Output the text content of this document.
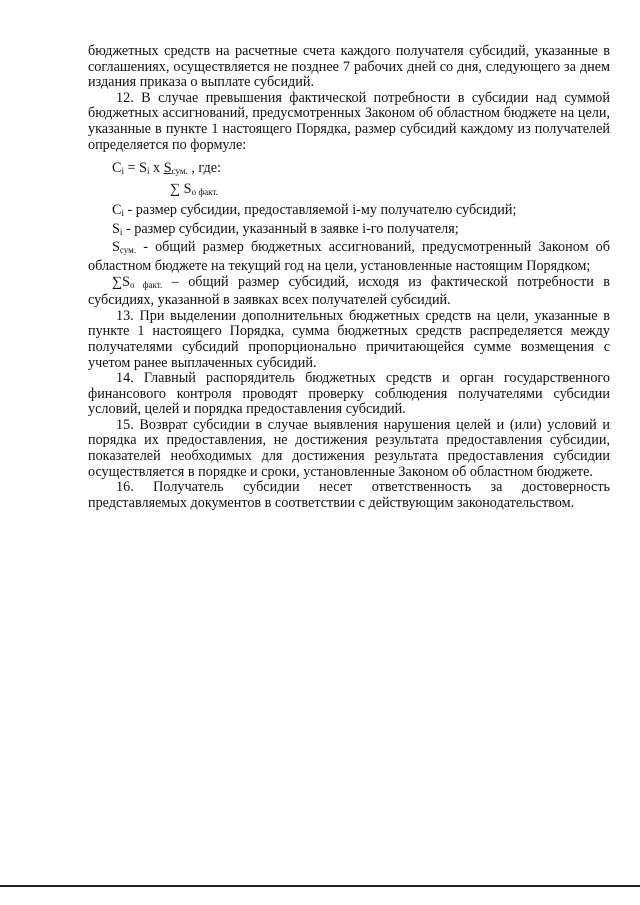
бюджетных средств на расчетные счета каждого получателя субсидий, указанные в соглашениях, осуществляется не позднее 7 рабочих дней со дня, следующего за днем издания приказа о выплате субсидий.

12. В случае превышения фактической потребности в субсидии над суммой бюджетных ассигнований, предусмотренных Законом об областном бюджете на цели, указанные в пункте 1 настоящего Порядка, размер субсидий каждому из получателей определяется по формуле:

$C_i = S_i$ x $S_{сум.}$ , где:
∑ $S_{о факт.}$

$C_i$ - размер субсидии, предоставляемой i-му получателю субсидий;

$S_i$ - размер субсидии, указанный в заявке i-го получателя;

$S_{сум.}$ - общий размер бюджетных ассигнований, предусмотренный Законом об областном бюджете на текущий год на цели, установленные настоящим Порядком;

$\sum S_{о факт.}$ – общий размер субсидий, исходя из фактической потребности в субсидиях, указанной в заявках всех получателей субсидий.

13. При выделении дополнительных бюджетных средств на цели, указанные в пункте 1 настоящего Порядка, сумма бюджетных средств распределяется между получателями субсидий пропорционально причитающейся сумме возмещения с учетом ранее выплаченных субсидий.

14. Главный распорядитель бюджетных средств и орган государственного финансового контроля проводят проверку соблюдения получателями субсидии условий, целей и порядка предоставления субсидий.

15. Возврат субсидии в случае выявления нарушения целей и (или) условий и порядка их предоставления, не достижения результата предоставления субсидии, показателей необходимых для достижения результата предоставления субсидии осуществляется в порядке и сроки, установленные Законом об областном бюджете.

16. Получатель субсидии несет ответственность за достоверность представляемых документов в соответствии с действующим законодательством.
